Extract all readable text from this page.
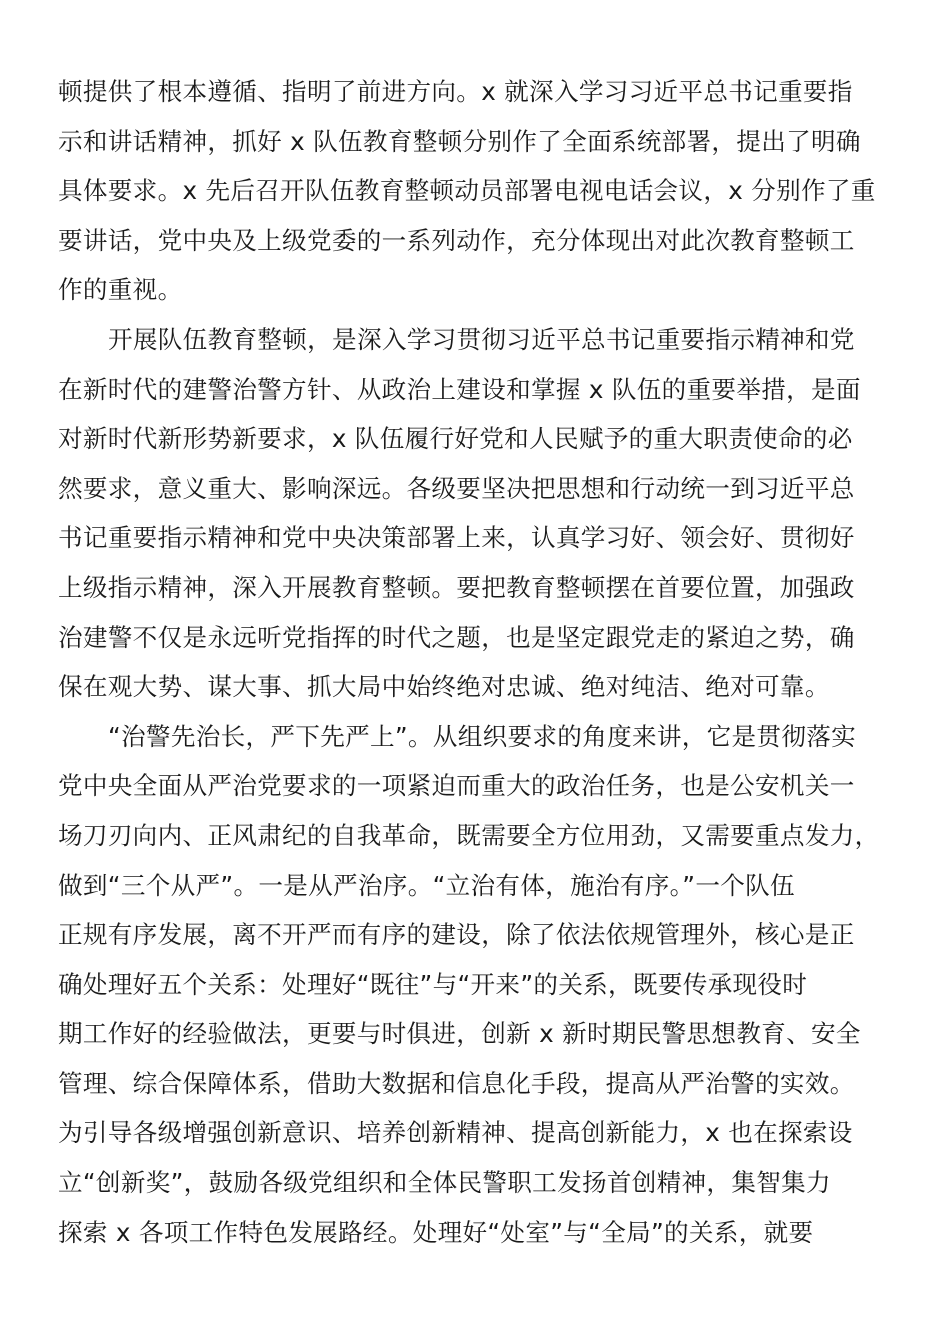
顿提供了根本遵循、指明了前进方向。x 就深入学习习近平总书记重要指
示和讲话精神，抓好 x 队伍教育整顿分别作了全面系统部署，提出了明确
具体要求。x 先后召开队伍教育整顿动员部署电视电话会议，x 分别作了重
要讲话，党中央及上级党委的一系列动作，充分体现出对此次教育整顿工
作的重视。
开展队伍教育整顿，是深入学习贯彻习近平总书记重要指示精神和党
在新时代的建警治警方针、从政治上建设和掌握 x 队伍的重要举措，是面
对新时代新形势新要求，x 队伍履行好党和人民赋予的重大职责使命的必
然要求，意义重大、影响深远。各级要坚决把思想和行动统一到习近平总
书记重要指示精神和党中央决策部署上来，认真学习好、领会好、贯彻好
上级指示精神，深入开展教育整顿。要把教育整顿摆在首要位置，加强政
治建警不仅是永远听党指挥的时代之题，也是坚定跟党走的紧迫之势，确
保在观大势、谋大事、抓大局中始终绝对忠诚、绝对纯洁、绝对可靠。
“治警先治长，严下先严上”。从组织要求的角度来讲，它是贯彻落实
党中央全面从严治党要求的一项紧迫而重大的政治任务，也是公安机关一
场刀刃向内、正风肃纪的自我革命，既需要全方位用劲，又需要重点发力，
做到“三个从严”。一是从严治序。“立治有体，施治有序。”一个队伍
正规有序发展，离不开严而有序的建设，除了依法依规管理外，核心是正
确处理好五个关系：处理好“既往”与“开来”的关系，既要传承现役时
期工作好的经验做法，更要与时俱进，创新 x 新时期民警思想教育、安全
管理、综合保障体系，借助大数据和信息化手段，提高从严治警的实效。
为引导各级增强创新意识、培养创新精神、提高创新能力，x 也在探索设
立“创新奖”，鼓励各级党组织和全体民警职工发扬首创精神，集智集力
探索 x 各项工作特色发展路经。处理好“处室”与“全局”的关系，就要
